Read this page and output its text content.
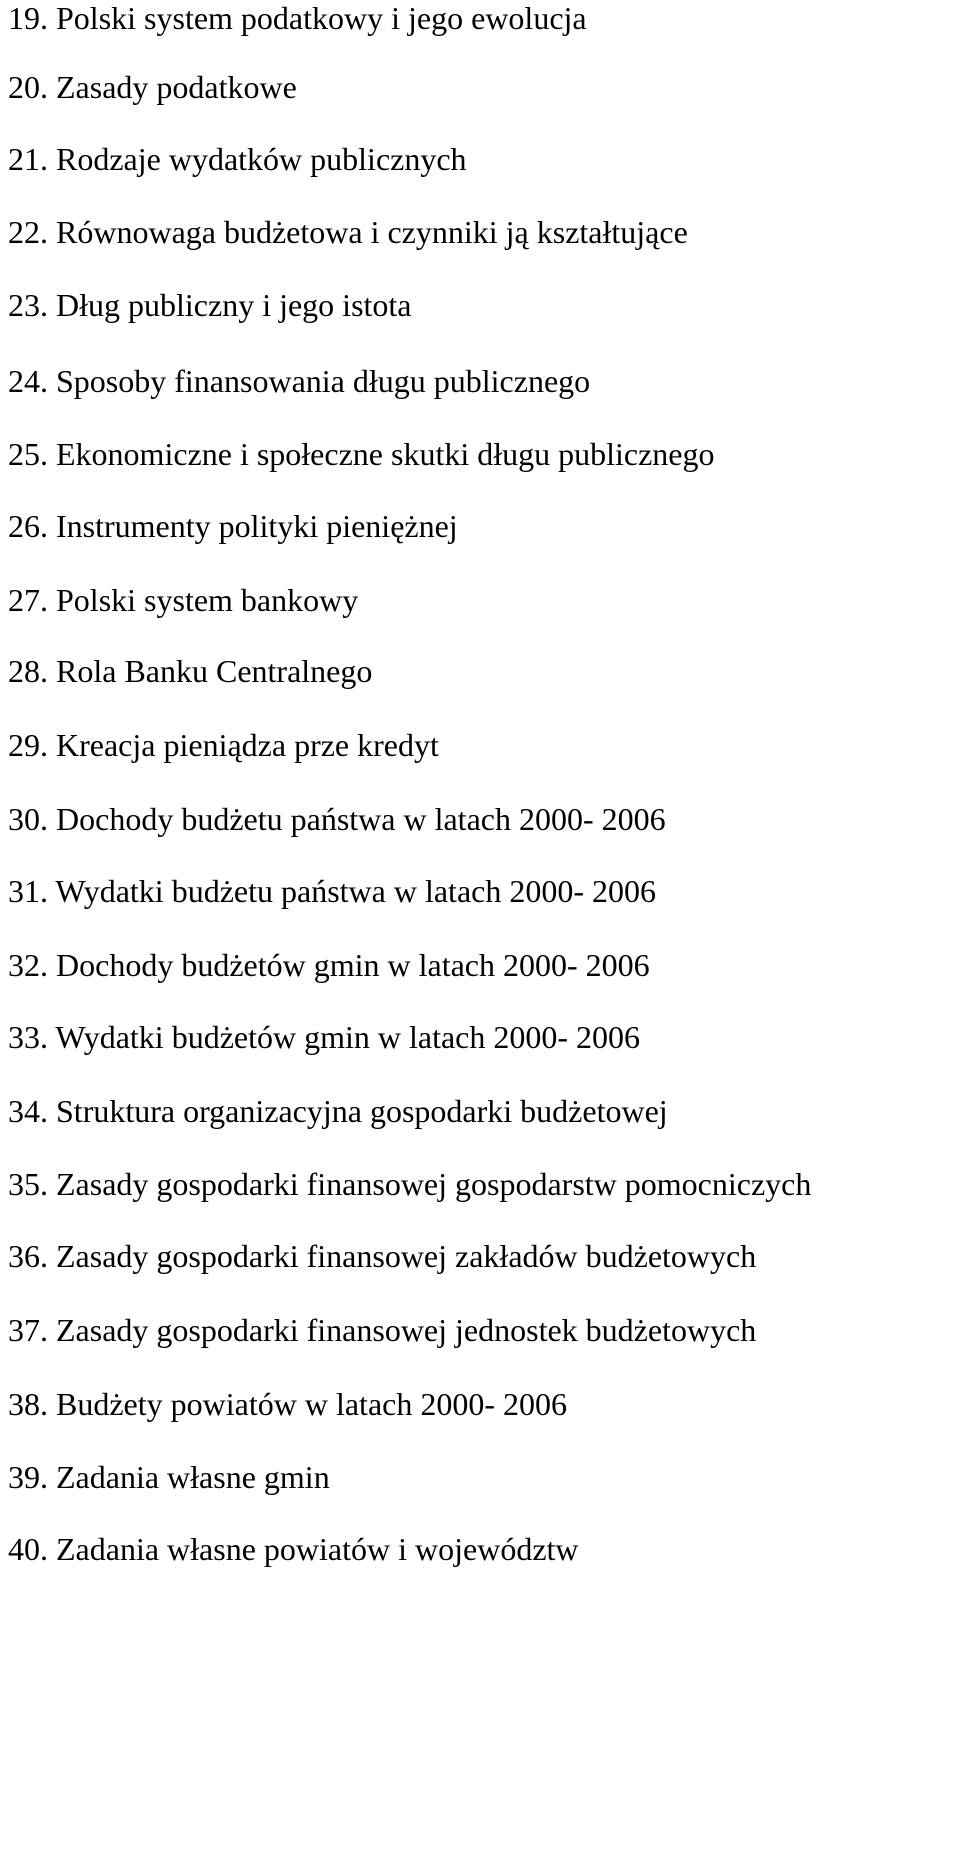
19. Polski system podatkowy i jego ewolucja
20. Zasady podatkowe
21. Rodzaje wydatków publicznych
22. Równowaga budżetowa i czynniki ją kształtujące
23. Dług publiczny i jego istota
24. Sposoby finansowania długu publicznego
25. Ekonomiczne i społeczne skutki długu publicznego
26. Instrumenty polityki pieniężnej
27. Polski system bankowy
28. Rola Banku Centralnego
29. Kreacja pieniądza prze kredyt
30. Dochody budżetu państwa w latach 2000- 2006
31. Wydatki budżetu państwa w latach 2000- 2006
32. Dochody budżetów gmin w latach 2000- 2006
33. Wydatki budżetów gmin w latach 2000- 2006
34. Struktura organizacyjna gospodarki budżetowej
35. Zasady gospodarki finansowej gospodarstw pomocniczych
36. Zasady gospodarki finansowej zakładów budżetowych
37. Zasady gospodarki finansowej jednostek budżetowych
38. Budżety powiatów w latach 2000- 2006
39. Zadania własne gmin
40. Zadania własne powiatów i województw
